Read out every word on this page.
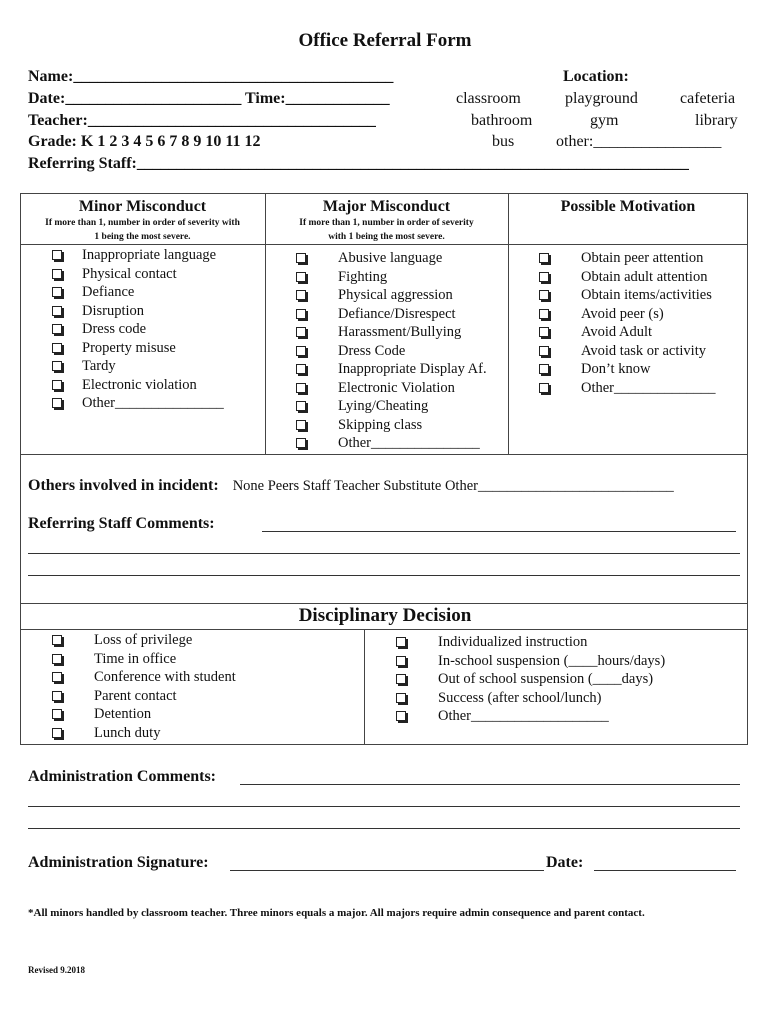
Office Referral Form
Name:________________________________________
Date:______________________ Time:_____________
Teacher:____________________________________
Grade: K 1 2 3 4 5 6 7 8 9 10 11 12
Referring Staff:_____________________________________________________________________
Location:
classroom	playground	cafeteria
bathroom	gym	library
bus	other:________________
Minor Misconduct
If more than 1, number in order of severity with
1 being the most severe.
Major Misconduct
If more than 1, number in order of severity
with 1 being the most severe.
Possible Motivation
Inappropriate language
Physical contact
Defiance
Disruption
Dress code
Property misuse
Tardy
Electronic violation
Other_______________
Abusive language
Fighting
Physical aggression
Defiance/Disrespect
Harassment/Bullying
Dress Code
Inappropriate Display Af.
Electronic Violation
Lying/Cheating
Skipping class
Other_______________
Obtain peer attention
Obtain adult attention
Obtain items/activities
Avoid peer (s)
Avoid Adult
Avoid task or activity
Don’t know
Other______________
Others involved in incident: None Peers Staff Teacher Substitute Other___________________________
Referring Staff Comments:
Disciplinary Decision
Loss of privilege
Time in office
Conference with student
Parent contact
Detention
Lunch duty
Individualized instruction
In-school suspension (____hours/days)
Out of school suspension (____days)
Success (after school/lunch)
Other___________________
Administration Comments:
Administration Signature:	Date:
*All minors handled by classroom teacher. Three minors equals a major. All majors require admin consequence and parent contact.
Revised 9.2018
